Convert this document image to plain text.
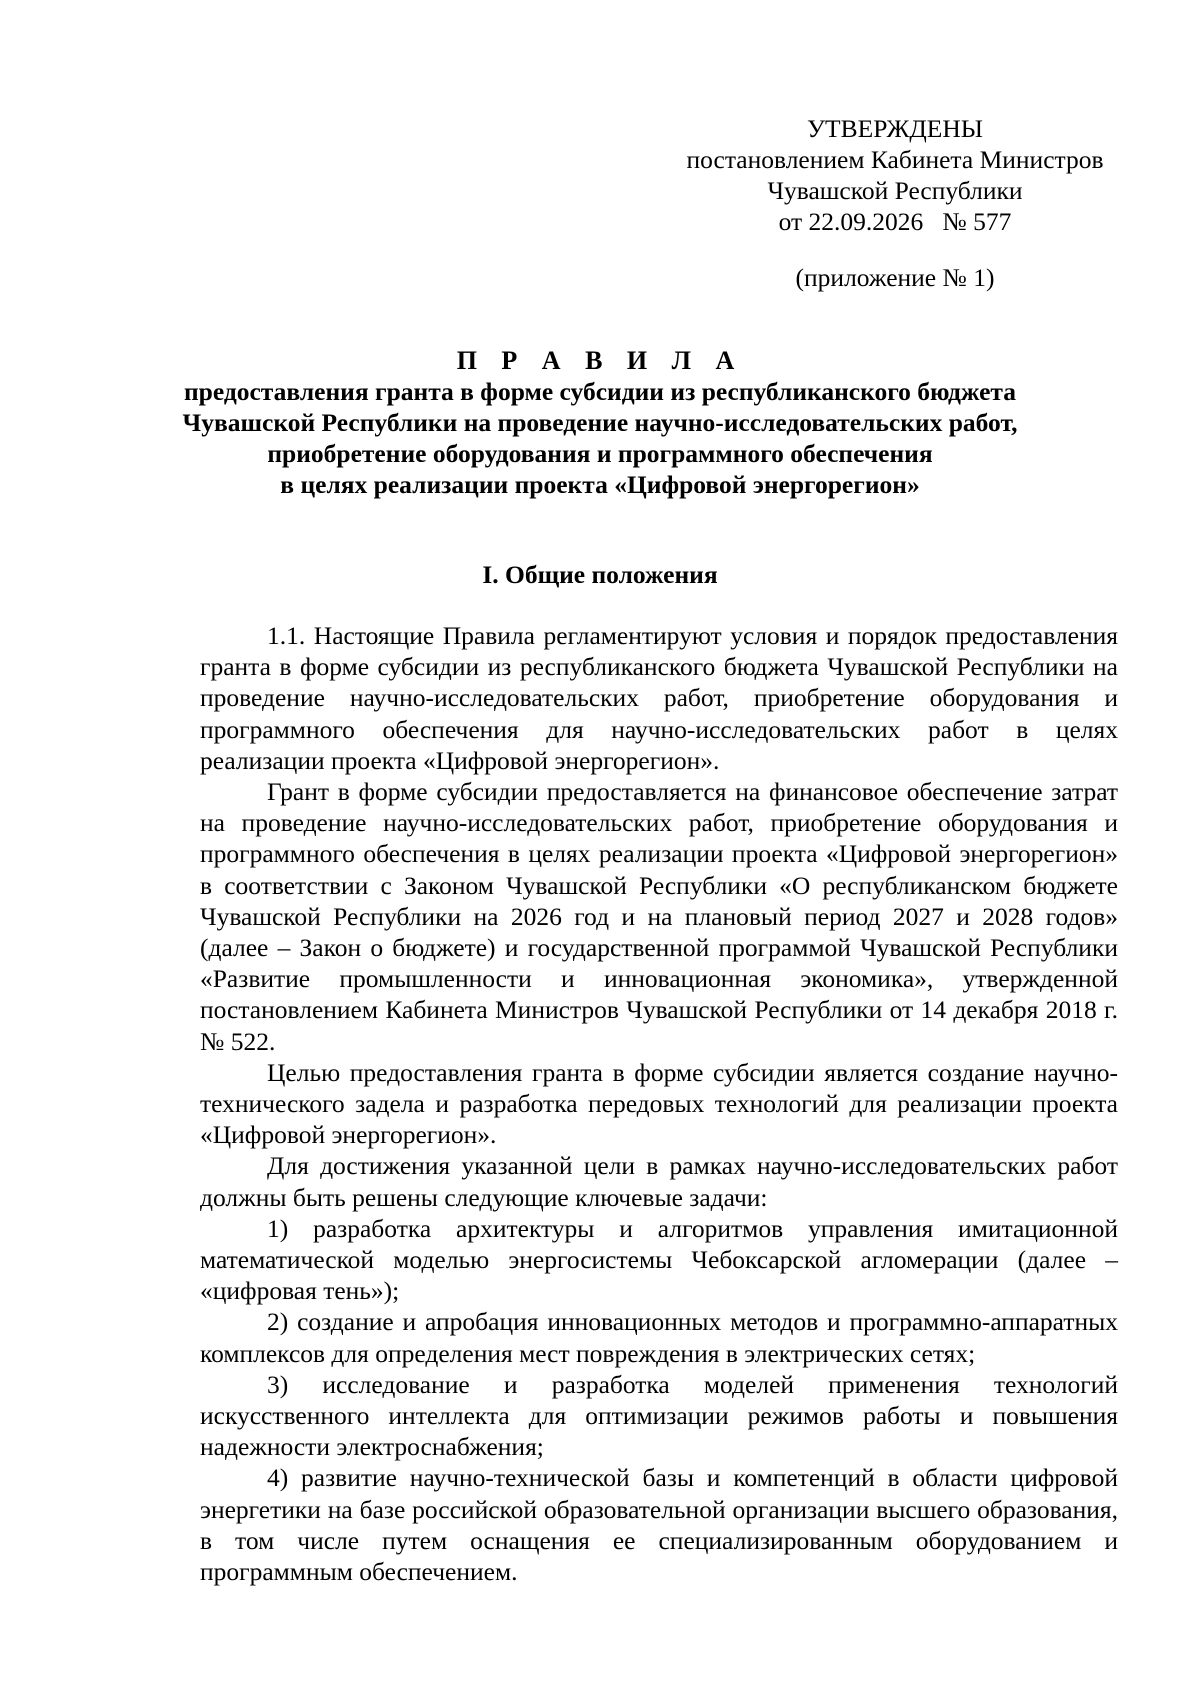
УТВЕРЖДЕНЫ
постановлением Кабинета Министров
Чувашской Республики
от 22.09.2026   № 577
(приложение № 1)
П Р А В И Л А
предоставления гранта в форме субсидии из республиканского бюджета
Чувашской Республики на проведение научно-исследовательских работ,
приобретение оборудования и программного обеспечения
в целях реализации проекта «Цифровой энергорегион»
I. Общие положения

1.1. Настоящие Правила регламентируют условия и порядок предоставления гранта в форме субсидии из республиканского бюджета Чувашской Республики на проведение научно-исследовательских работ, приобретение оборудования и программного обеспечения для научно-исследовательских работ в целях реализации проекта «Цифровой энергорегион».

Грант в форме субсидии предоставляется на финансовое обеспечение затрат на проведение научно-исследовательских работ, приобретение оборудования и программного обеспечения в целях реализации проекта «Цифровой энергорегион» в соответствии с Законом Чувашской Республики «О республиканском бюджете Чувашской Республики на 2026 год и на плановый период 2027 и 2028 годов» (далее – Закон о бюджете) и государственной программой Чувашской Республики «Развитие промышленности и инновационная экономика», утвержденной постановлением Кабинета Министров Чувашской Республики от 14 декабря 2018 г. № 522.

Целью предоставления гранта в форме субсидии является создание научно-технического задела и разработка передовых технологий для реализации проекта «Цифровой энергорегион».

Для достижения указанной цели в рамках научно-исследовательских работ должны быть решены следующие ключевые задачи:

1) разработка архитектуры и алгоритмов управления имитационной математической моделью энергосистемы Чебоксарской агломерации (далее – «цифровая тень»);

2) создание и апробация инновационных методов и программно-аппаратных комплексов для определения мест повреждения в электрических сетях;

3) исследование и разработка моделей применения технологий искусственного интеллекта для оптимизации режимов работы и повышения надежности электроснабжения;

4) развитие научно-технической базы и компетенций в области цифровой энергетики на базе российской образовательной организации высшего образования, в том числе путем оснащения ее специализированным оборудованием и программным обеспечением.
